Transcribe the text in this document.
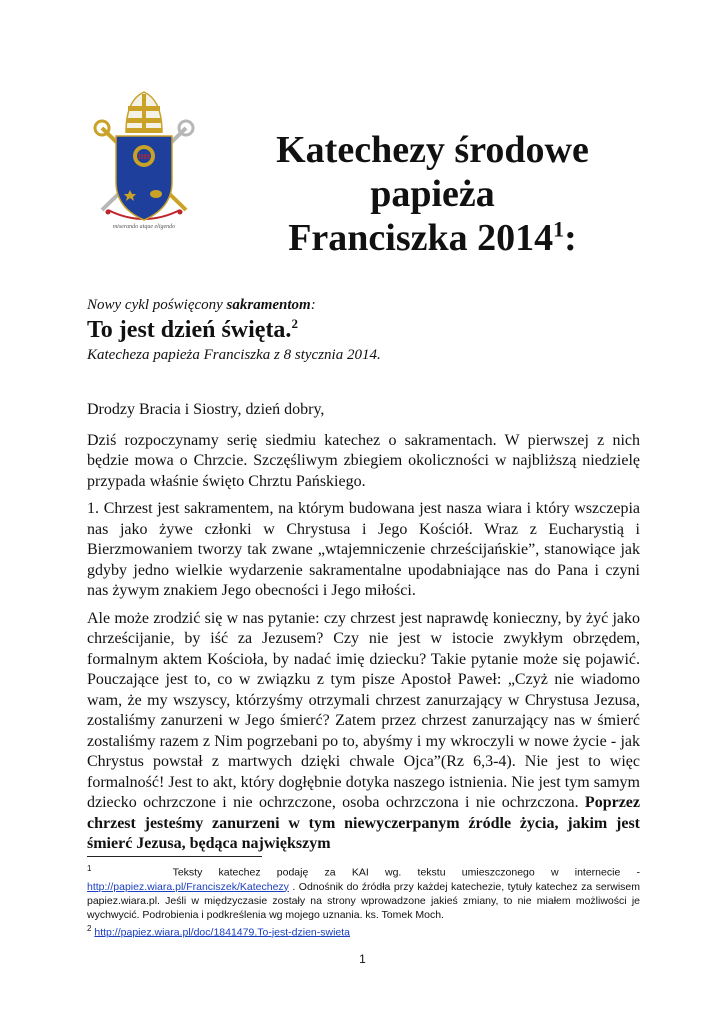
IHS
miserando atque eligendo
Katechezy środowe papieża
Franciszka 2014$^1$:

Nowy cykl poświęcony sakramentom:

To jest dzień święta.$^2$

Katecheza papieża Franciszka z 8 stycznia 2014.

Drodzy Bracia i Siostry, dzień dobry,

Dziś rozpoczynamy serię siedmiu katechez o sakramentach. W pierwszej z nich będzie mowa o Chrzcie. Szczęśliwym zbiegiem okoliczności w najbliższą niedzielę przypada właśnie święto Chrztu Pańskiego.

1. Chrzest jest sakramentem, na którym budowana jest nasza wiara i który wszczepia nas jako żywe członki w Chrystusa i Jego Kościół. Wraz z Eucharystią i Bierzmowaniem tworzy tak zwane „wtajemniczenie chrześcijańskie”, stanowiące jak gdyby jedno wielkie wydarzenie sakramentalne upodabniające nas do Pana i czyni nas żywym znakiem Jego obecności i Jego miłości.

Ale może zrodzić się w nas pytanie: czy chrzest jest naprawdę konieczny, by żyć jako chrześcijanie, by iść za Jezusem? Czy nie jest w istocie zwykłym obrzędem, formalnym aktem Kościoła, by nadać imię dziecku? Takie pytanie może się pojawić. Pouczające jest to, co w związku z tym pisze Apostoł Paweł: „Czyż nie wiadomo wam, że my wszyscy, którzyśmy otrzymali chrzest zanurzający w Chrystusa Jezusa, zostaliśmy zanurzeni w Jego śmierć? Zatem przez chrzest zanurzający nas w śmierć zostaliśmy razem z Nim pogrzebani po to, abyśmy i my wkroczyli w nowe życie - jak Chrystus powstał z martwych dzięki chwale Ojca”(Rz 6,3-4). Nie jest to więc formalność! Jest to akt, który dogłębnie dotyka naszego istnienia. Nie jest tym samym dziecko ochrzczone i nie ochrzczone, osoba ochrzczona i nie ochrzczona. Poprzez chrzest jesteśmy zanurzeni w tym niewyczerpanym źródle życia, jakim jest śmierć Jezusa, będąca największym

$^1$	Teksty katechez podaję za KAI wg. tekstu umieszczonego w internecie - http://papiez.wiara.pl/Franciszek/Katechezy . Odnośnik do źródła przy każdej katechezie, tytuły katechez za serwisem papiez.wiara.pl. Jeśli w międzyczasie zostały na strony wprowadzone jakieś zmiany, to nie miałem możliwości je wychwycić. Podrobienia i podkreślenia wg mojego uznania. ks. Tomek Moch.

$^2$ http://papiez.wiara.pl/doc/1841479.To-jest-dzien-swieta

1
